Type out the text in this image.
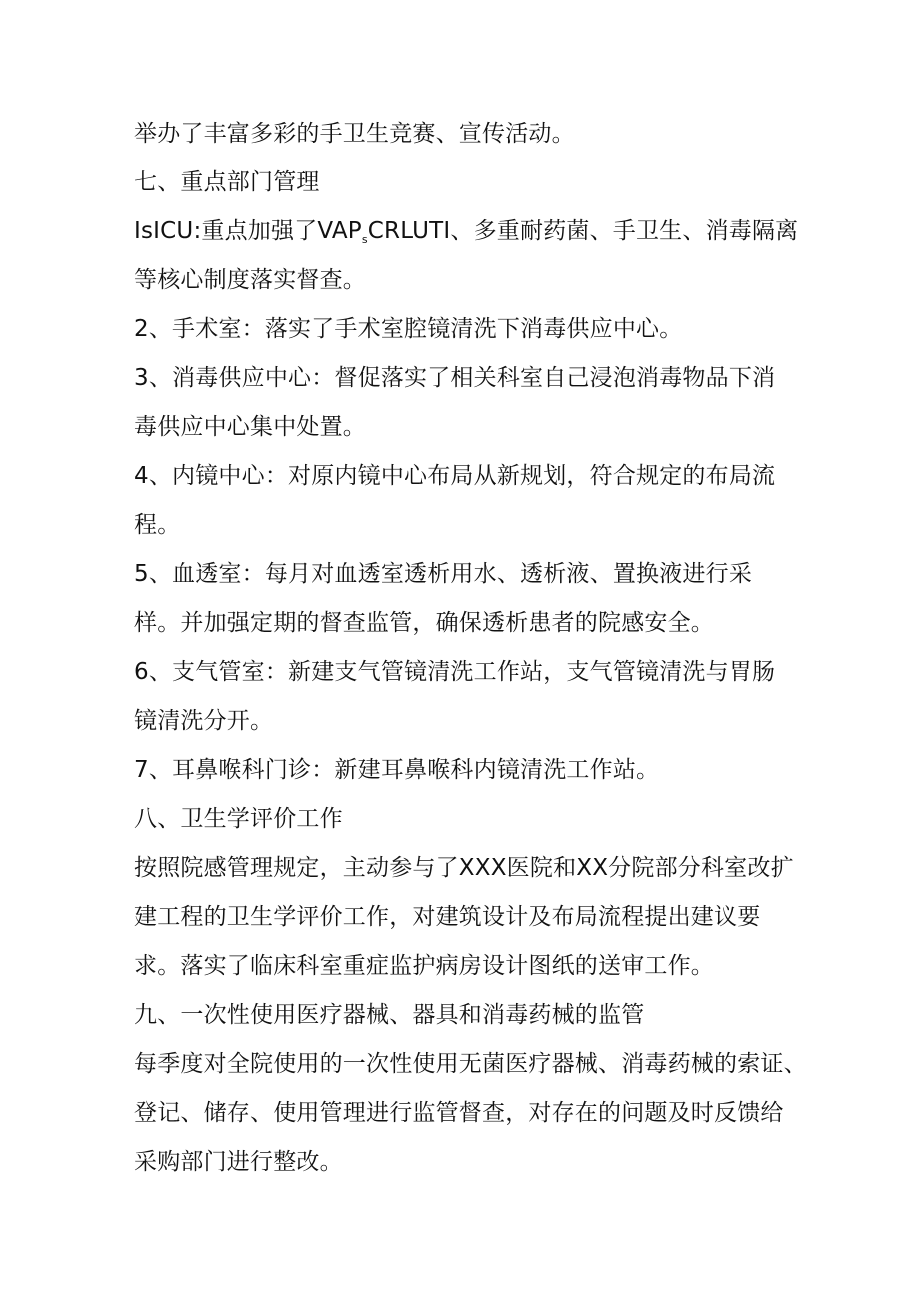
举办了丰富多彩的手卫生竞赛、宣传活动。
七、重点部门管理
IsICU:重点加强了$VAP_sCRLUTI$、多重耐药菌、手卫生、消毒隔离
等核心制度落实督查。
2、手术室：落实了手术室腔镜清洗下消毒供应中心。
3、消毒供应中心：督促落实了相关科室自己浸泡消毒物品下消
毒供应中心集中处置。
4、内镜中心：对原内镜中心布局从新规划，符合规定的布局流
程。
5、血透室：每月对血透室透析用水、透析液、置换液进行采
样。并加强定期的督查监管，确保透析患者的院感安全。
6、支气管室：新建支气管镜清洗工作站，支气管镜清洗与胃肠
镜清洗分开。
7、耳鼻喉科门诊：新建耳鼻喉科内镜清洗工作站。
八、卫生学评价工作
按照院感管理规定，主动参与了XXX医院和XX分院部分科室改扩
建工程的卫生学评价工作，对建筑设计及布局流程提出建议要
求。落实了临床科室重症监护病房设计图纸的送审工作。
九、一次性使用医疗器械、器具和消毒药械的监管
每季度对全院使用的一次性使用无菌医疗器械、消毒药械的索证、
登记、储存、使用管理进行监管督查，对存在的问题及时反馈给
采购部门进行整改。
